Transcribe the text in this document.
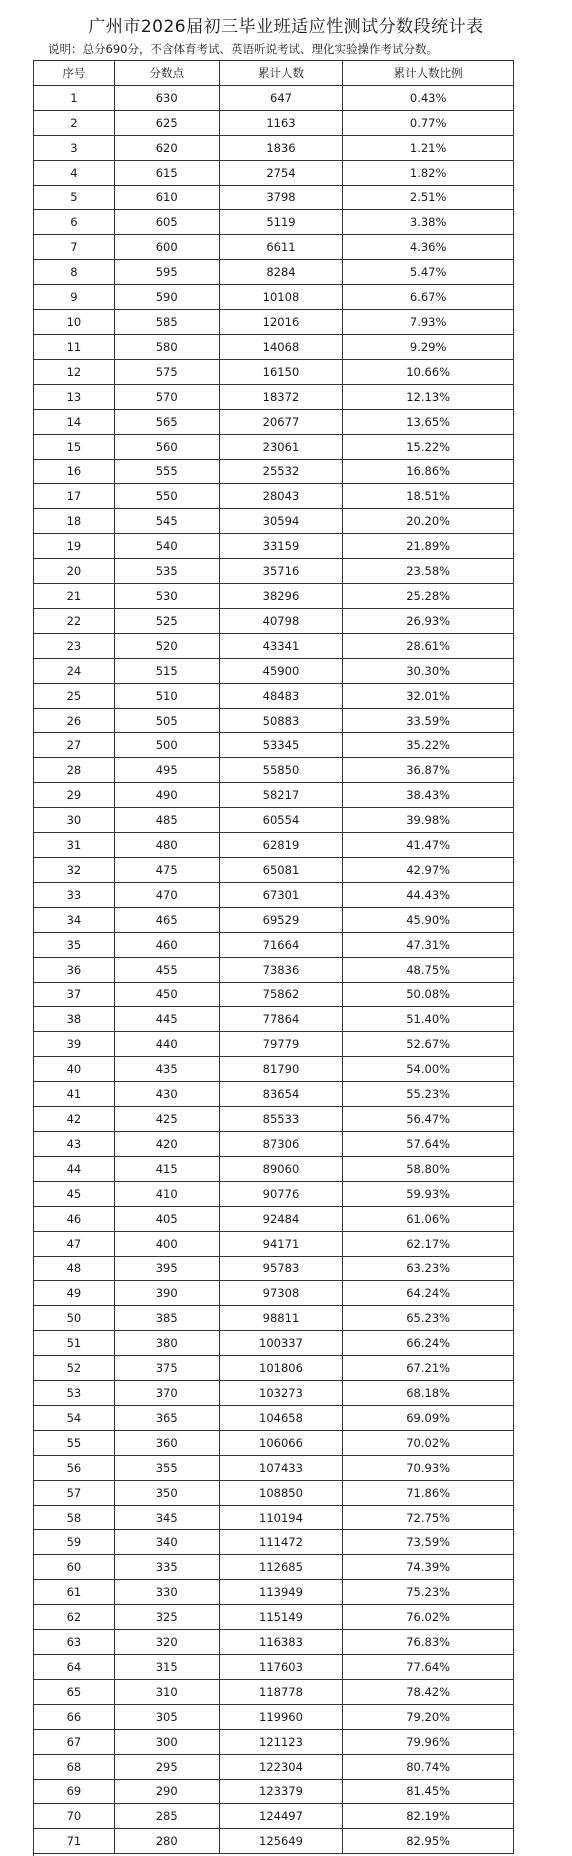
广州市2026届初三毕业班适应性测试分数段统计表
说明：总分690分，不含体育考试、英语听说考试、理化实验操作考试分数。
序号	分数点	累计人数	累计人数比例
1	630	647	0.43%
2	625	1163	0.77%
3	620	1836	1.21%
4	615	2754	1.82%
5	610	3798	2.51%
6	605	5119	3.38%
7	600	6611	4.36%
8	595	8284	5.47%
9	590	10108	6.67%
10	585	12016	7.93%
11	580	14068	9.29%
12	575	16150	10.66%
13	570	18372	12.13%
14	565	20677	13.65%
15	560	23061	15.22%
16	555	25532	16.86%
17	550	28043	18.51%
18	545	30594	20.20%
19	540	33159	21.89%
20	535	35716	23.58%
21	530	38296	25.28%
22	525	40798	26.93%
23	520	43341	28.61%
24	515	45900	30.30%
25	510	48483	32.01%
26	505	50883	33.59%
27	500	53345	35.22%
28	495	55850	36.87%
29	490	58217	38.43%
30	485	60554	39.98%
31	480	62819	41.47%
32	475	65081	42.97%
33	470	67301	44.43%
34	465	69529	45.90%
35	460	71664	47.31%
36	455	73836	48.75%
37	450	75862	50.08%
38	445	77864	51.40%
39	440	79779	52.67%
40	435	81790	54.00%
41	430	83654	55.23%
42	425	85533	56.47%
43	420	87306	57.64%
44	415	89060	58.80%
45	410	90776	59.93%
46	405	92484	61.06%
47	400	94171	62.17%
48	395	95783	63.23%
49	390	97308	64.24%
50	385	98811	65.23%
51	380	100337	66.24%
52	375	101806	67.21%
53	370	103273	68.18%
54	365	104658	69.09%
55	360	106066	70.02%
56	355	107433	70.93%
57	350	108850	71.86%
58	345	110194	72.75%
59	340	111472	73.59%
60	335	112685	74.39%
61	330	113949	75.23%
62	325	115149	76.02%
63	320	116383	76.83%
64	315	117603	77.64%
65	310	118778	78.42%
66	305	119960	79.20%
67	300	121123	79.96%
68	295	122304	80.74%
69	290	123379	81.45%
70	285	124497	82.19%
71	280	125649	82.95%
